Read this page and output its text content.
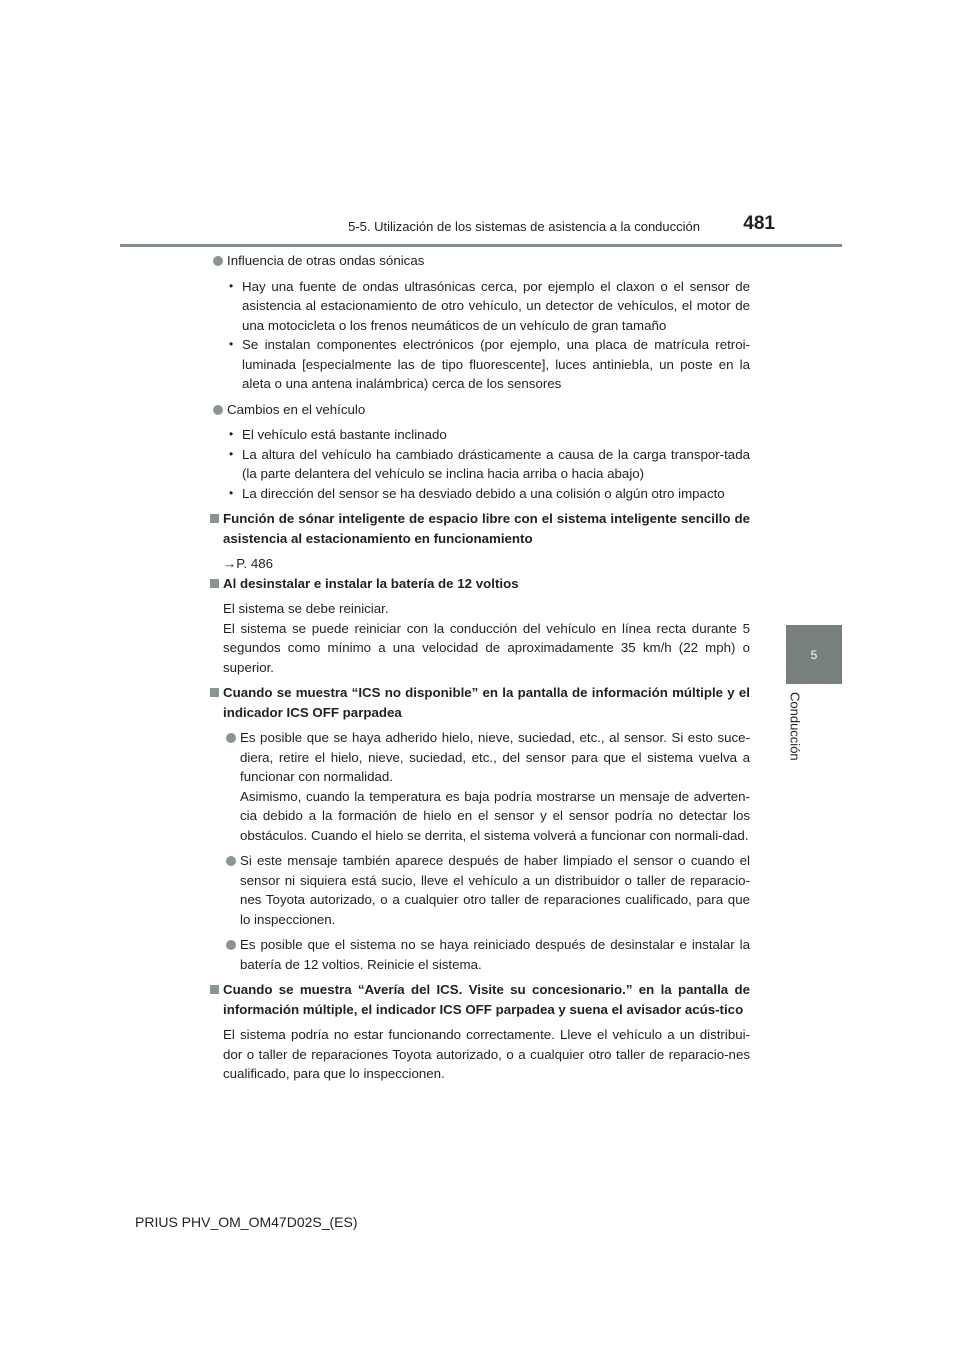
5-5. Utilización de los sistemas de asistencia a la conducción	481
5
Conducción

Influencia de otras ondas sónicas

• Hay una fuente de ondas ultrasónicas cerca, por ejemplo el claxon o el sensor de asistencia al estacionamiento de otro vehículo, un detector de vehículos, el motor de una motocicleta o los frenos neumáticos de un vehículo de gran tamaño

• Se instalan componentes electrónicos (por ejemplo, una placa de matrícula retroi-luminada [especialmente las de tipo fluorescente], luces antiniebla, un poste en la aleta o una antena inalámbrica) cerca de los sensores

Cambios en el vehículo

• El vehículo está bastante inclinado

• La altura del vehículo ha cambiado drásticamente a causa de la carga transpor-tada (la parte delantera del vehículo se inclina hacia arriba o hacia abajo)

• La dirección del sensor se ha desviado debido a una colisión o algún otro impacto

Función de sónar inteligente de espacio libre con el sistema inteligente sencillo de asistencia al estacionamiento en funcionamiento

→P. 486

Al desinstalar e instalar la batería de 12 voltios

El sistema se debe reiniciar.

El sistema se puede reiniciar con la conducción del vehículo en línea recta durante 5 segundos como mínimo a una velocidad de aproximadamente 35 km/h (22 mph) o superior.

Cuando se muestra “ICS no disponible” en la pantalla de información múltiple y el indicador ICS OFF parpadea

Es posible que se haya adherido hielo, nieve, suciedad, etc., al sensor. Si esto suce-diera, retire el hielo, nieve, suciedad, etc., del sensor para que el sistema vuelva a funcionar con normalidad.

Asimismo, cuando la temperatura es baja podría mostrarse un mensaje de adverten-cia debido a la formación de hielo en el sensor y el sensor podría no detectar los obstáculos. Cuando el hielo se derrita, el sistema volverá a funcionar con normali-dad.

Si este mensaje también aparece después de haber limpiado el sensor o cuando el sensor ni siquiera está sucio, lleve el vehículo a un distribuidor o taller de reparacio-nes Toyota autorizado, o a cualquier otro taller de reparaciones cualificado, para que lo inspeccionen.

Es posible que el sistema no se haya reiniciado después de desinstalar e instalar la batería de 12 voltios. Reinicie el sistema.

Cuando se muestra “Avería del ICS. Visite su concesionario.” en la pantalla de información múltiple, el indicador ICS OFF parpadea y suena el avisador acús-tico

El sistema podría no estar funcionando correctamente. Lleve el vehículo a un distribui-dor o taller de reparaciones Toyota autorizado, o a cualquier otro taller de reparacio-nes cualificado, para que lo inspeccionen.

PRIUS PHV_OM_OM47D02S_(ES)
